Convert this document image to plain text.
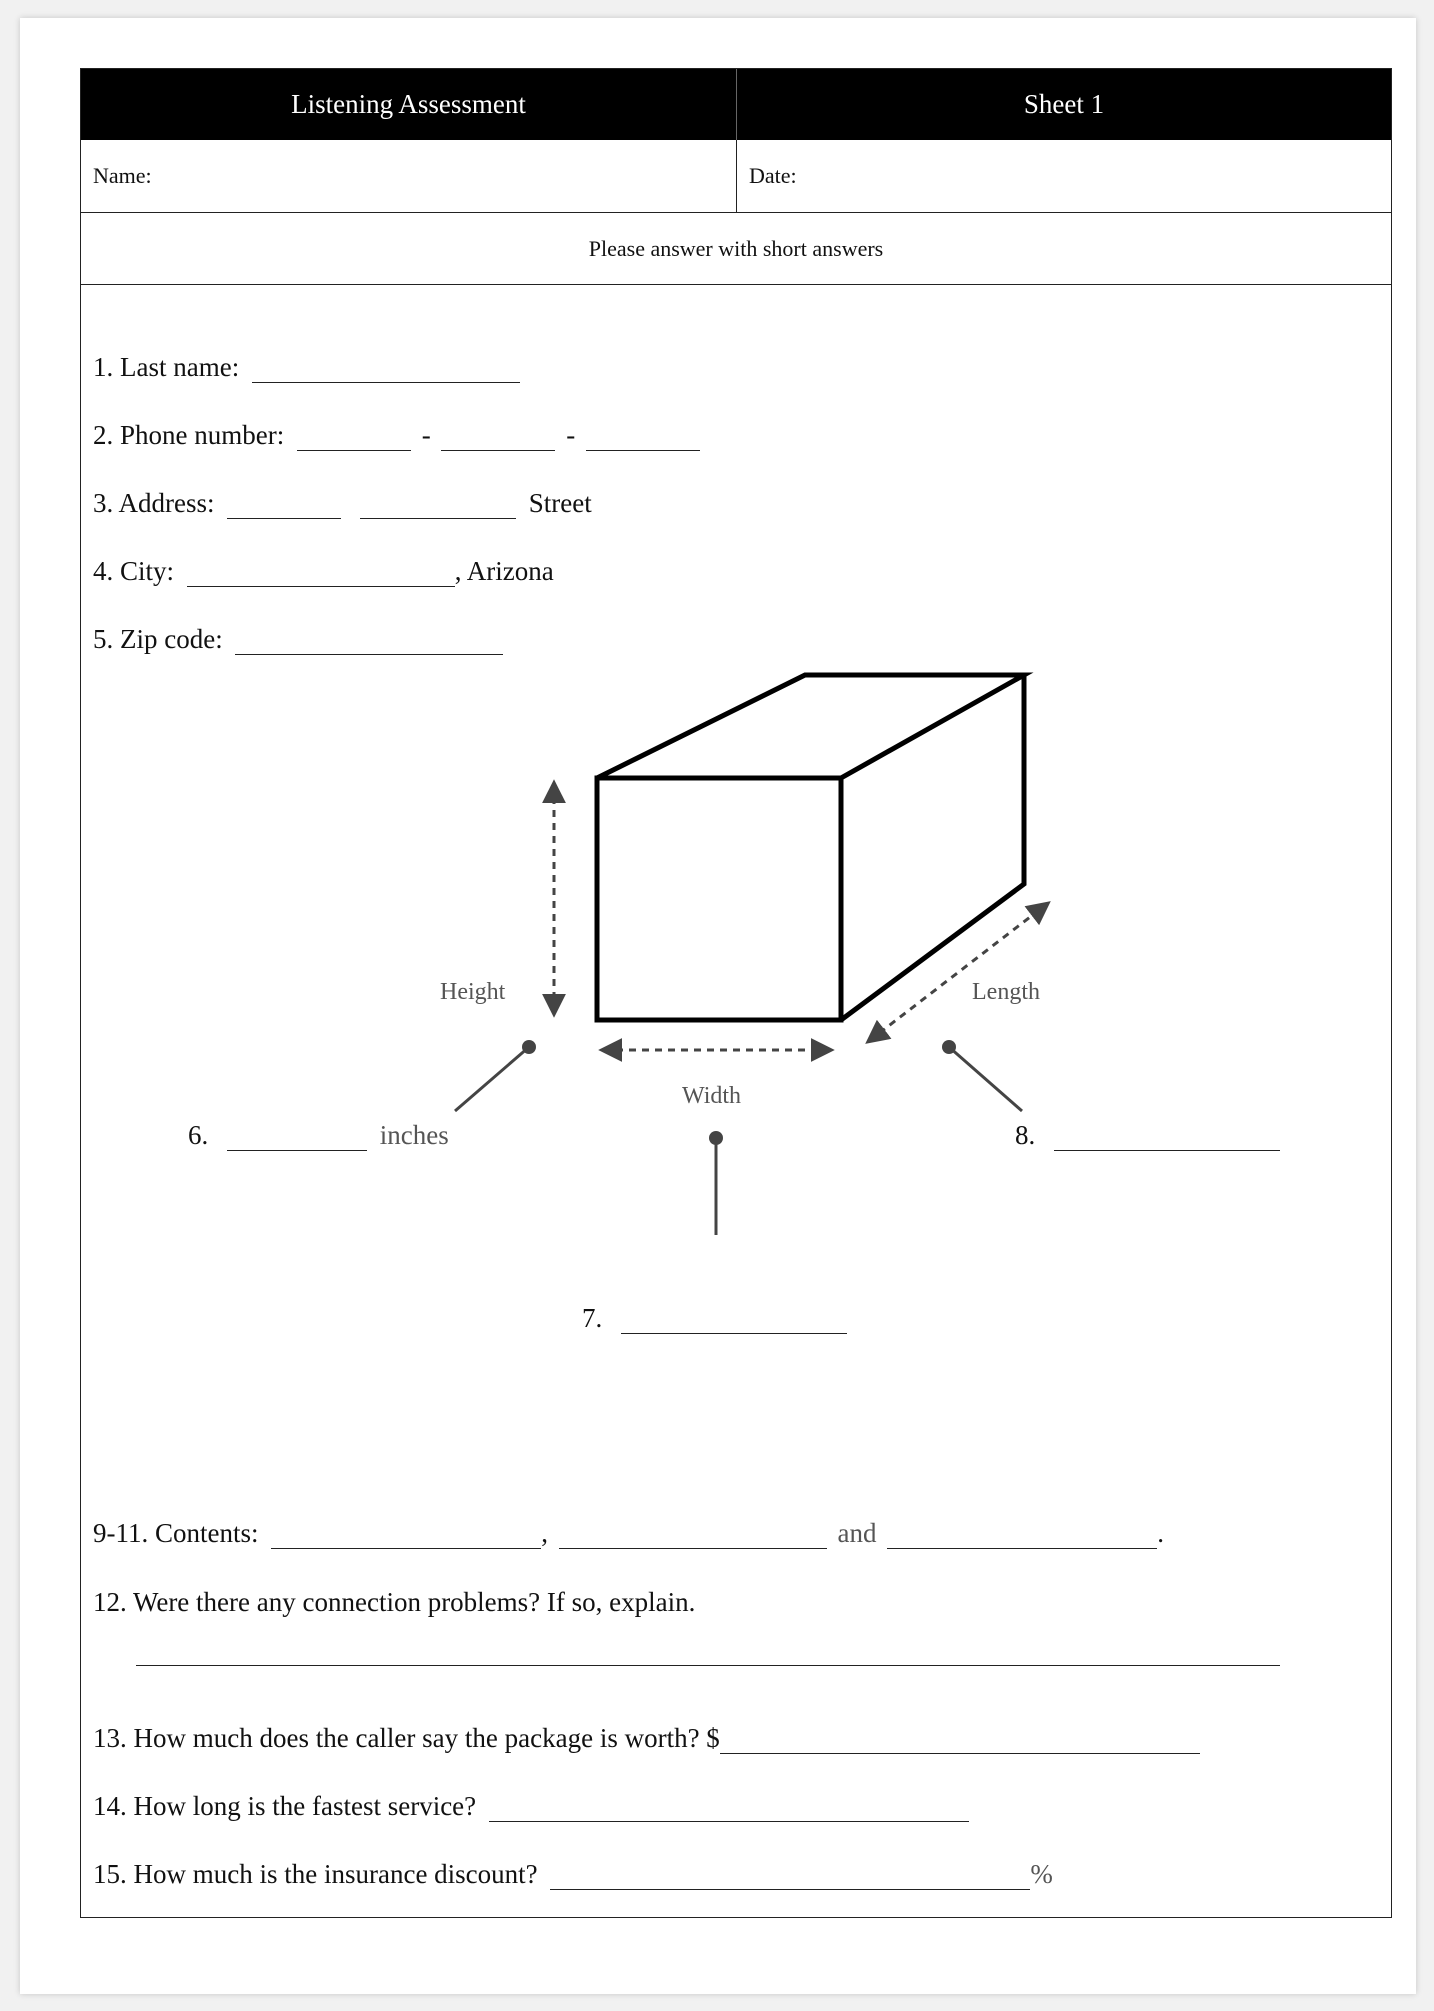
Listening Assessment	Sheet 1
Name:	Date:
Please answer with short answers
1. Last name:
2. Phone number:	-	-
3. Address:	Street
4. City:	, Arizona
5. Zip code:
Height
Width
Length
6.	inches
7.
8.
9-11. Contents:	,	and	.
12. Were there any connection problems? If so, explain.
13. How much does the caller say the package is worth? $
14. How long is the fastest service?
15. How much is the insurance discount?	%
